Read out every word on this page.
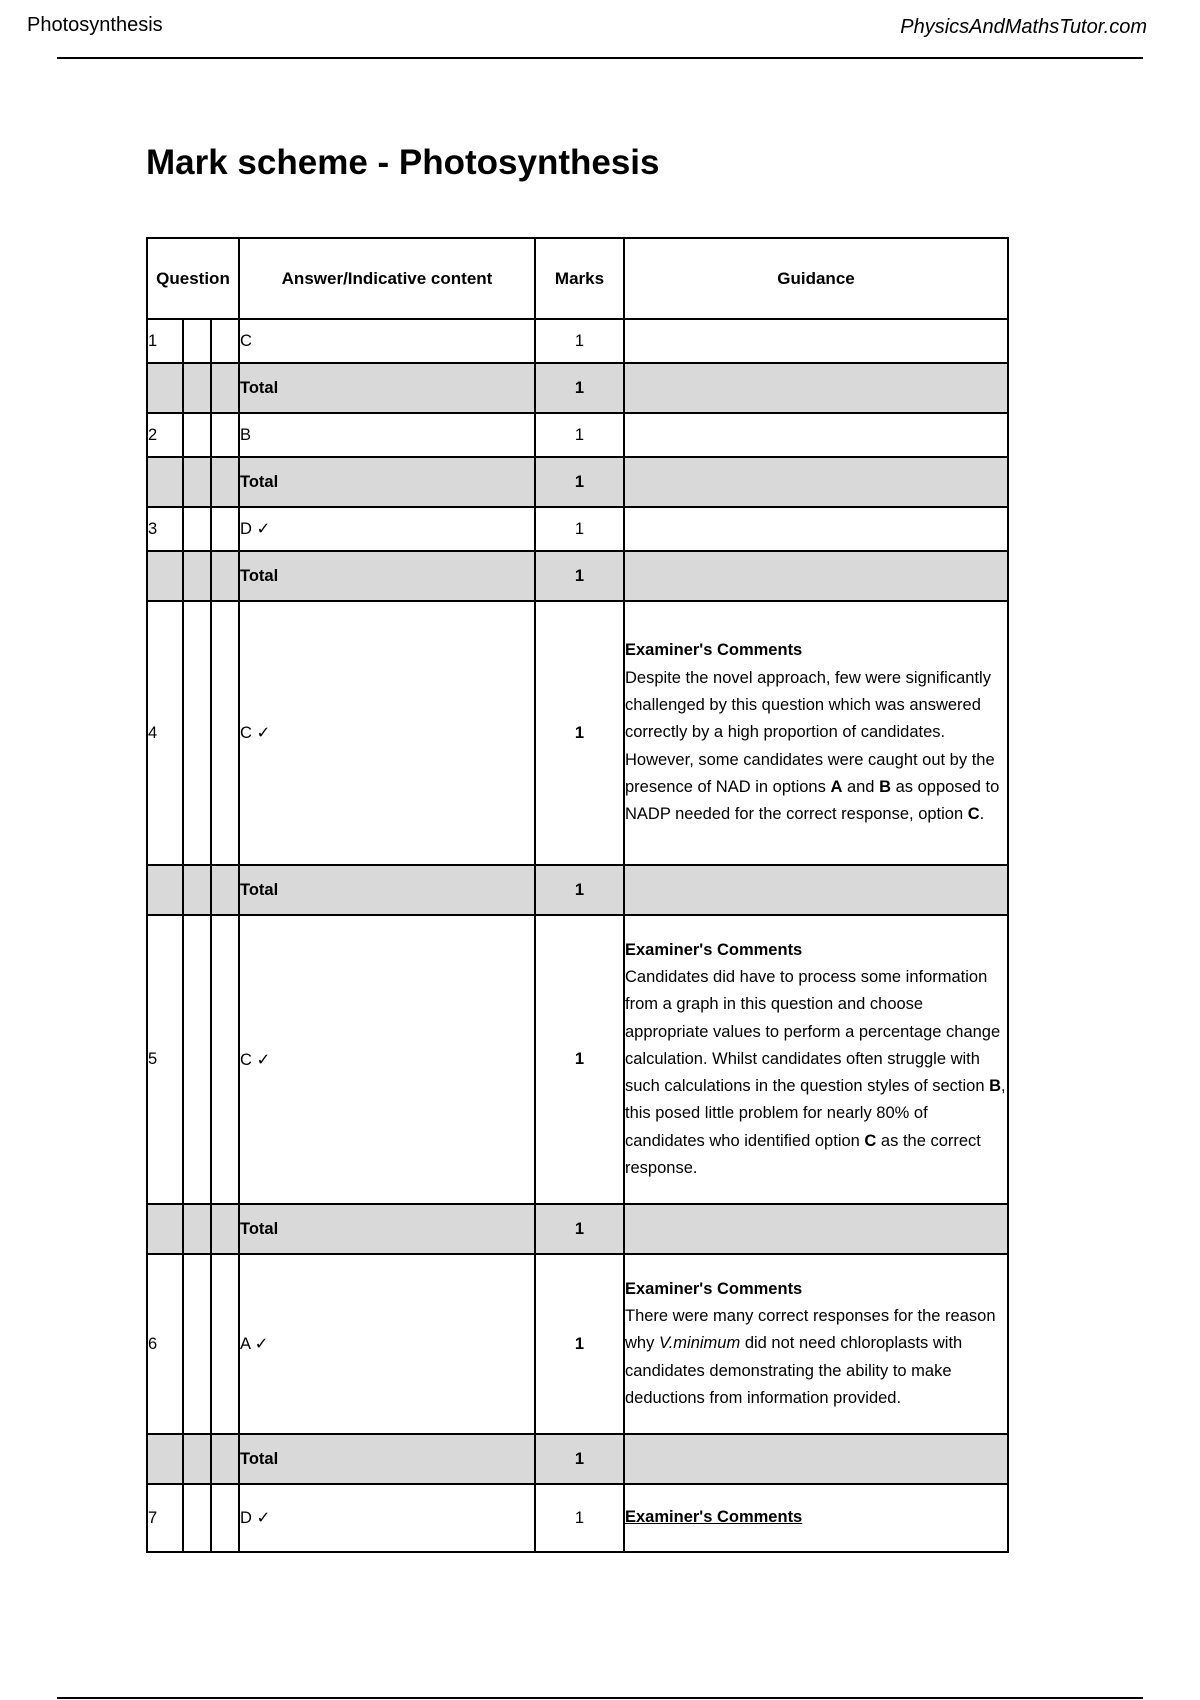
Photosynthesis	PhysicsAndMathsTutor.com
Mark scheme - Photosynthesis
Question			Answer/Indicative content	Marks	Guidance
1			C	1	
			Total	1	
2			B	1	
			Total	1	
3			D ✓	1	
			Total	1	
4			C ✓	1	Examiner's Comments
Despite the novel approach, few were significantly challenged by this question which was answered correctly by a high proportion of candidates. However, some candidates were caught out by the presence of NAD in options A and B as opposed to NADP needed for the correct response, option C.
			Total	1	
5			C ✓	1	Examiner's Comments
Candidates did have to process some information from a graph in this question and choose appropriate values to perform a percentage change calculation. Whilst candidates often struggle with such calculations in the question styles of section B, this posed little problem for nearly 80% of candidates who identified option C as the correct response.
			Total	1	
6			A ✓	1	Examiner's Comments
There were many correct responses for the reason why V.minimum did not need chloroplasts with candidates demonstrating the ability to make deductions from information provided.
			Total	1	
7			D ✓	1	Examiner's Comments
